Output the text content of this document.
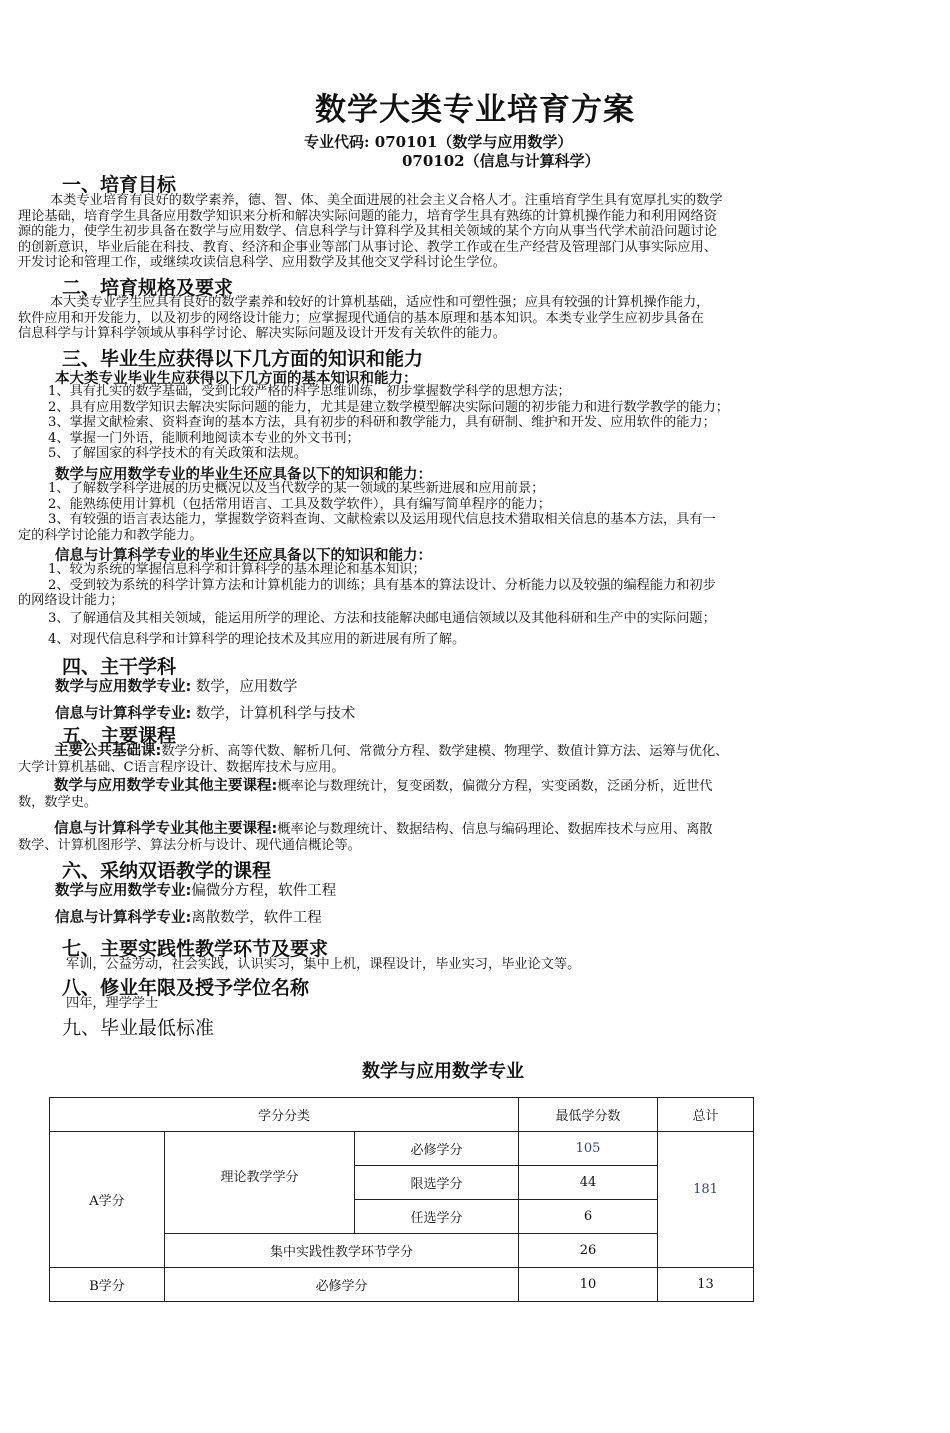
数学大类专业培育方案
专业代码: 070101（数学与应用数学）
070102（信息与计算科学）
一、培育目标
本类专业培育有良好的数学素养，德、智、体、美全面进展的社会主义合格人才。注重培育学生具有宽厚扎实的数学
理论基础，培育学生具备应用数学知识来分析和解决实际问题的能力，培育学生具有熟练的计算机操作能力和利用网络资
源的能力，使学生初步具备在数学与应用数学、信息科学与计算科学及其相关领域的某个方向从事当代学术前沿问题讨论
的创新意识，毕业后能在科技、教育、经济和企事业等部门从事讨论、教学工作或在生产经营及管理部门从事实际应用、
开发讨论和管理工作，或继续攻读信息科学、应用数学及其他交叉学科讨论生学位。
二、培育规格及要求
本大类专业学生应具有良好的数学素养和较好的计算机基础，适应性和可塑性强；应具有较强的计算机操作能力，
软件应用和开发能力，以及初步的网络设计能力；应掌握现代通信的基本原理和基本知识。本类专业学生应初步具备在
信息科学与计算科学领域从事科学讨论、解决实际问题及设计开发有关软件的能力。
三、毕业生应获得以下几方面的知识和能力
本大类专业毕业生应获得以下几方面的基本知识和能力：
1、具有扎实的数学基础，受到比较严格的科学思维训练，初步掌握数学科学的思想方法；
2、具有应用数学知识去解决实际问题的能力，尤其是建立数学模型解决实际问题的初步能力和进行数学教学的能力；
3、掌握文献检索、资料查询的基本方法，具有初步的科研和教学能力，具有研制、维护和开发、应用软件的能力；
4、掌握一门外语，能顺利地阅读本专业的外文书刊；
5、了解国家的科学技术的有关政策和法规。
数学与应用数学专业的毕业生还应具备以下的知识和能力：
1、了解数学科学进展的历史概况以及当代数学的某一领域的某些新进展和应用前景；
2、能熟练使用计算机（包括常用语言、工具及数学软件），具有编写简单程序的能力；
3、有较强的语言表达能力，掌握数学资料查询、文献检索以及运用现代信息技术猎取相关信息的基本方法，具有一
定的科学讨论能力和教学能力。
信息与计算科学专业的毕业生还应具备以下的知识和能力：
1、较为系统的掌握信息科学和计算科学的基本理论和基本知识；
2、受到较为系统的科学计算方法和计算机能力的训练；具有基本的算法设计、分析能力以及较强的编程能力和初步
的网络设计能力；
3、了解通信及其相关领域，能运用所学的理论、方法和技能解决邮电通信领域以及其他科研和生产中的实际问题；
4、对现代信息科学和计算科学的理论技术及其应用的新进展有所了解。
四、主干学科
数学与应用数学专业: 数学，应用数学
信息与计算科学专业: 数学，计算机科学与技术
五、主要课程
主要公共基础课:数学分析、高等代数、解析几何、常微分方程、数学建模、物理学、数值计算方法、运筹与优化、
大学计算机基础、C语言程序设计、数据库技术与应用。
数学与应用数学专业其他主要课程:概率论与数理统计，复变函数，偏微分方程，实变函数，泛函分析，近世代
数，数学史。
信息与计算科学专业其他主要课程:概率论与数理统计、数据结构、信息与编码理论、数据库技术与应用、离散
数学、计算机图形学、算法分析与设计、现代通信概论等。
六、采纳双语教学的课程
数学与应用数学专业:偏微分方程，软件工程
信息与计算科学专业:离散数学，软件工程
七、主要实践性教学环节及要求
军训，公益劳动，社会实践，认识实习，集中上机，课程设计，毕业实习，毕业论文等。
八、修业年限及授予学位名称
四年，理学学士
九、毕业最低标准
数学与应用数学专业
学分分类			最低学分数	总计
A学分	理论教学学分	必修学分	105	181
		限选学分	44	
		任选学分	6	
	集中实践性教学环节学分		26	
B学分	必修学分		10	13
